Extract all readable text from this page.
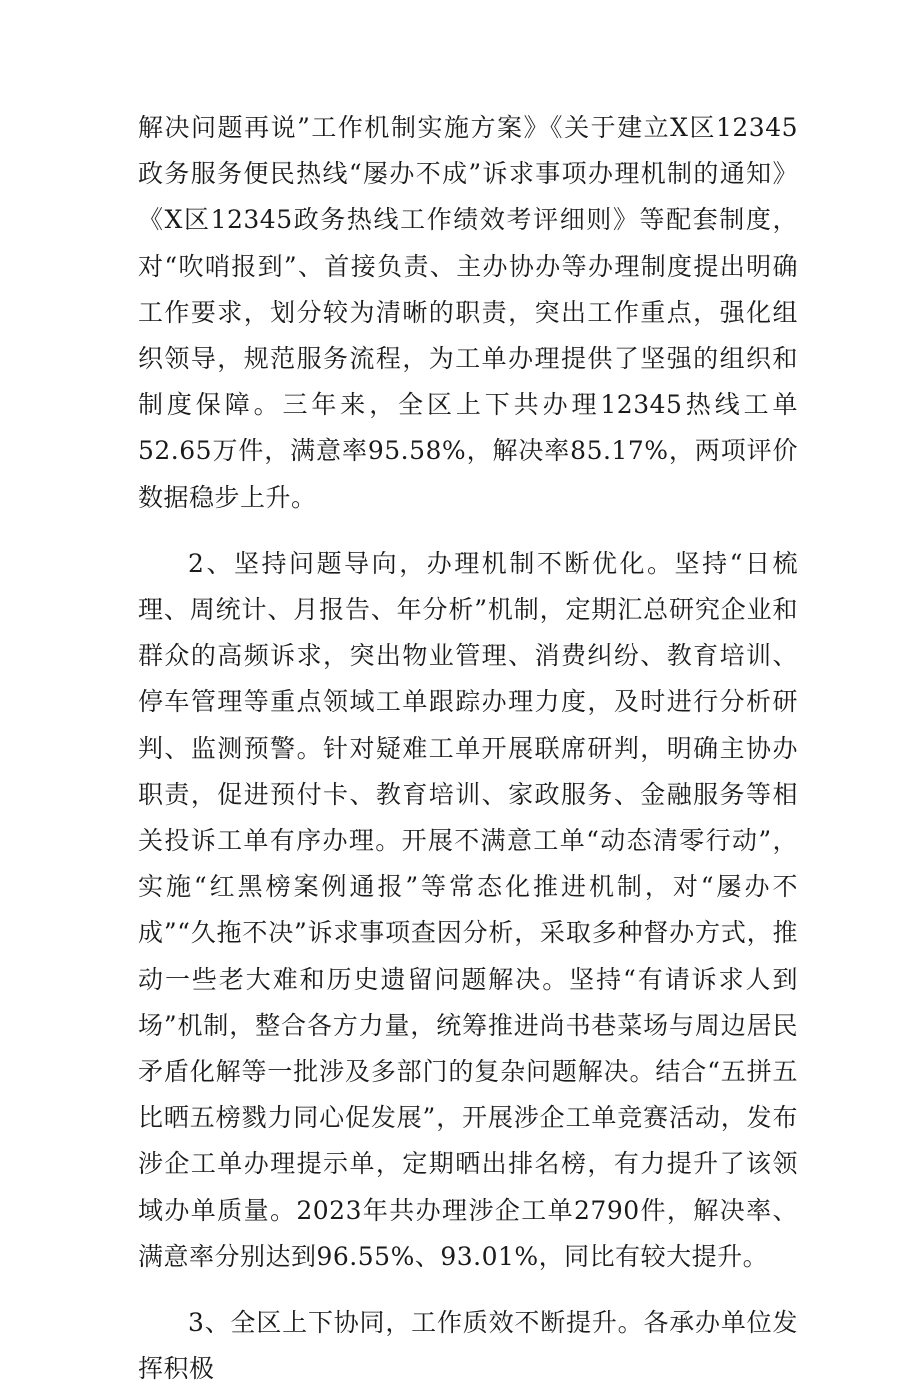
解决问题再说”工作机制实施方案》《关于建立X区12345政务服务便民热线“屡办不成”诉求事项办理机制的通知》《X区12345政务热线工作绩效考评细则》等配套制度，对“吹哨报到”、首接负责、主办协办等办理制度提出明确工作要求，划分较为清晰的职责，突出工作重点，强化组织领导，规范服务流程，为工单办理提供了坚强的组织和制度保障。三年来，全区上下共办理12345热线工单52.65万件，满意率95.58%，解决率85.17%，两项评价数据稳步上升。

2、坚持问题导向，办理机制不断优化。坚持“日梳理、周统计、月报告、年分析”机制，定期汇总研究企业和群众的高频诉求，突出物业管理、消费纠纷、教育培训、停车管理等重点领域工单跟踪办理力度，及时进行分析研判、监测预警。针对疑难工单开展联席研判，明确主协办职责，促进预付卡、教育培训、家政服务、金融服务等相关投诉工单有序办理。开展不满意工单“动态清零行动”，实施“红黑榜案例通报”等常态化推进机制，对“屡办不成”“久拖不决”诉求事项查因分析，采取多种督办方式，推动一些老大难和历史遗留问题解决。坚持“有请诉求人到场”机制，整合各方力量，统筹推进尚书巷菜场与周边居民矛盾化解等一批涉及多部门的复杂问题解决。结合“五拼五比晒五榜戮力同心促发展”，开展涉企工单竞赛活动，发布涉企工单办理提示单，定期晒出排名榜，有力提升了该领域办单质量。2023年共办理涉企工单2790件，解决率、满意率分别达到96.55%、93.01%，同比有较大提升。

3、全区上下协同，工作质效不断提升。各承办单位发挥积极
